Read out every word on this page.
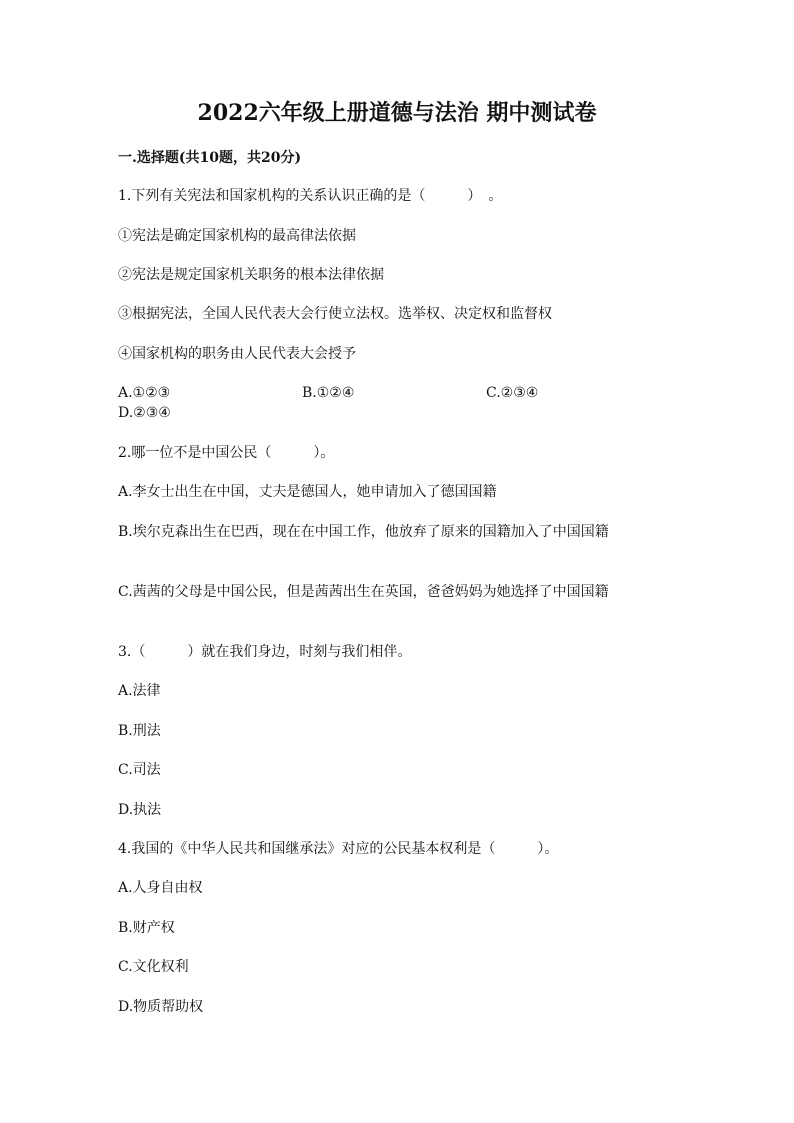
2022六年级上册道德与法治 期中测试卷
一.选择题(共10题，共20分)
1.下列有关宪法和国家机构的关系认识正确的是（　　　）　。
①宪法是确定国家机构的最高律法依据
②宪法是规定国家机关职务的根本法律依据
③根据宪法，全国人民代表大会行使立法权。选举权、决定权和监督权
④国家机构的职务由人民代表大会授予
A.①②③	B.①②④	C.②③④
D.②③④
2.哪一位不是中国公民（　　　）。
A.李女士出生在中国，丈夫是德国人，她申请加入了德国国籍
B.埃尔克森出生在巴西，现在在中国工作，他放弃了原来的国籍加入了中国国籍
C.茜茜的父母是中国公民，但是茜茜出生在英国，爸爸妈妈为她选择了中国国籍
3.（　　　）就在我们身边，时刻与我们相伴。
A.法律
B.刑法
C.司法
D.执法
4.我国的《中华人民共和国继承法》对应的公民基本权利是（　　　）。
A.人身自由权
B.财产权
C.文化权利
D.物质帮助权
